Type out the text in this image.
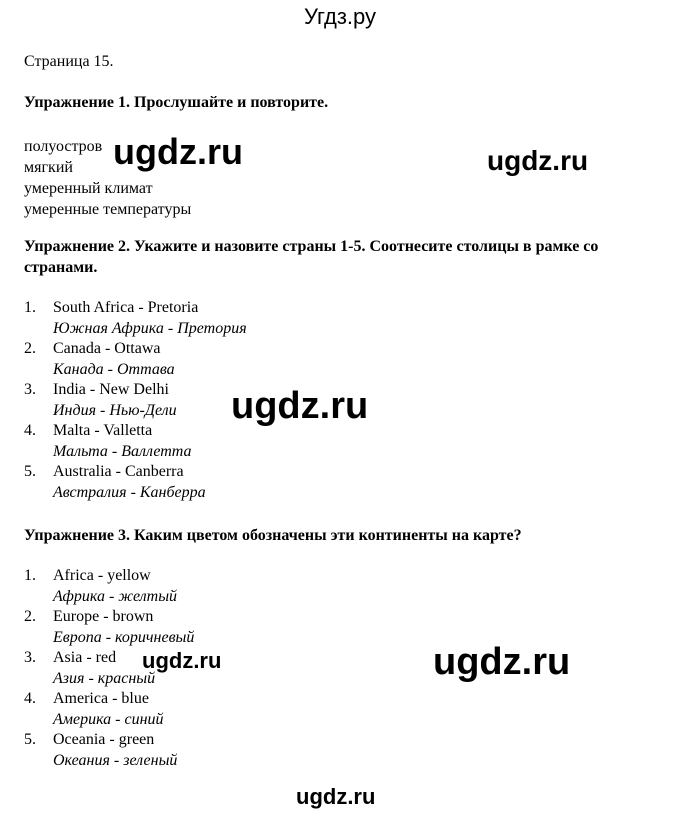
Угдз.ру
Страница 15.
Упражнение 1. Прослушайте и повторите.
полуостров
мягкий
умеренный климат
умеренные температуры
Упражнение 2. Укажите и назовите страны 1-5. Соотнесите столицы в рамке со странами.
1. South Africa - Pretoria
Южная Африка - Претория
2. Canada - Ottawa
Канада - Оттава
3. India - New Delhi
Индия - Нью-Дели
4. Malta - Valletta
Мальта - Валлетта
5. Australia - Canberra
Австралия - Канберра
Упражнение 3. Каким цветом обозначены эти континенты на карте?
1. Africa - yellow
Африка - желтый
2. Europe - brown
Европа - коричневый
3. Asia - red
Азия - красный
4. America - blue
Америка - синий
5. Oceania - green
Океания - зеленый
ugdz.ru	ugdz.ru
ugdz.ru
ugdz.ru	ugdz.ru
ugdz.ru
